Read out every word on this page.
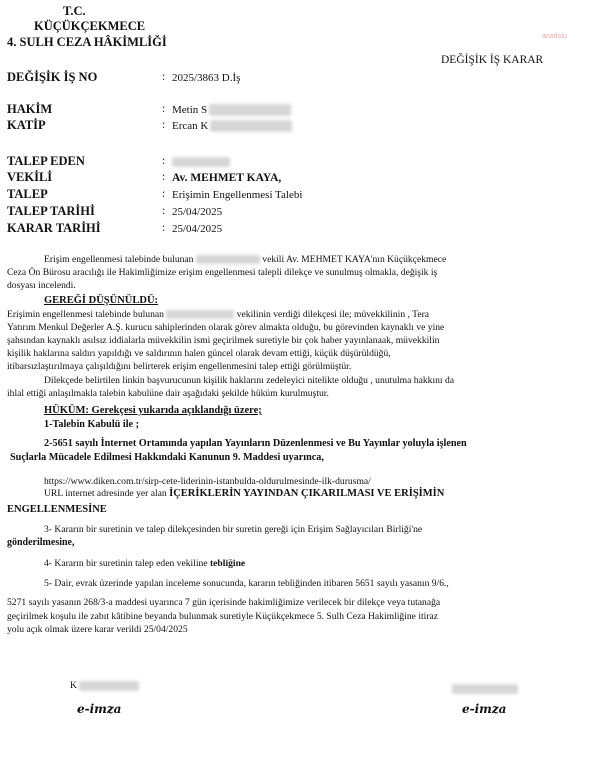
T.C.
KÜÇÜKÇEKMECE
4. SULH CEZA HÂKİMLİĞİ	anadolu
DEĞİŞİK İŞ KARAR
DEĞİŞİK İŞ NO	: 2025/3863 D.İş
HAKİM	: Metin S
KATİP	: Ercan K
TALEP EDEN	:
VEKİLİ	: Av. MEHMET KAYA,
TALEP	: Erişimin Engellenmesi Talebi
TALEP TARİHİ	: 25/04/2025
KARAR TARİHİ	: 25/04/2025
Erişim engellenmesi talebinde bulunan	vekili Av. MEHMET KAYA'nın Küçükçekmece
Ceza Ön Bürosu aracılığı ile Hakimliğimize erişim engellenmesi talepli dilekçe ve sunulmuş olmakla, değişik iş
dosyası incelendi.
GEREĞİ DÜŞÜNÜLDÜ:
Erişimin engellenmesi talebinde bulunan	vekilinin verdiği dilekçesi ile; müvekkilinin , Tera
Yatırım Menkul Değerler A.Ş. kurucu sahiplerinden olarak görev almakta olduğu, bu görevinden kaynaklı ve yine
şahsından kaynaklı asılsız iddialarla müvekkilin ismi geçirilmek suretiyle bir çok haber yayınlanaak, müvekkilin
kişilik haklarına saldırı yapıldığı ve saldırının halen güncel olarak devam ettiği, küçük düşürüldüğü,
itibarsızlaştırılmaya çalışıldığını belirterek erişim engellenmesini talep ettiği görülmüştür.
Dilekçede belirtilen linkin başvurucunun kişilik haklarını zedeleyici nitelikte olduğu , unutulma hakkını da
ihlal ettiği anlaşılmakla talebin kabulüne dair aşağıdaki şekilde hüküm kurulmuştur.
HÜKÜM: Gerekçesi yukarıda açıklandığı üzere;
1-Talebin Kabulü ile ;
2-5651 sayılı İnternet Ortamında yapılan Yayınların Düzenlenmesi ve Bu Yayınlar yoluyla işlenen
Suçlarla Mücadele Edilmesi Hakkındaki Kanunun 9. Maddesi uyarınca,
https://www.diken.com.tr/sirp-cete-liderinin-istanbulda-oldurulmesinde-ilk-durusma/
URL internet adresinde yer alan İÇERİKLERİN YAYINDAN ÇIKARILMASI VE ERİŞİMİN
ENGELLENMESİNE
3- Kararın bir suretinin ve talep dilekçesinden bir suretin gereği için Erişim Sağlayıcıları Birliği'ne
gönderilmesine,
4- Kararın bir suretinin talep eden vekiline tebliğine
5- Dair, evrak üzerinde yapılan inceleme sonucunda, kararın tebliğinden itibaren 5651 sayılı yasanın 9/6.,
5271 sayılı yasanın 268/3-a maddesi uyarınca 7 gün içerisinde hakimliğimize verilecek bir dilekçe veya tutanağa
geçirilmek koşulu ile zabıt kâtibine beyanda bulunmak suretiyle Küçükçekmece 5. Sulh Ceza Hakimliğine itiraz
yolu açık olmak üzere karar verildi 25/04/2025
K
e-imza	e-imza
